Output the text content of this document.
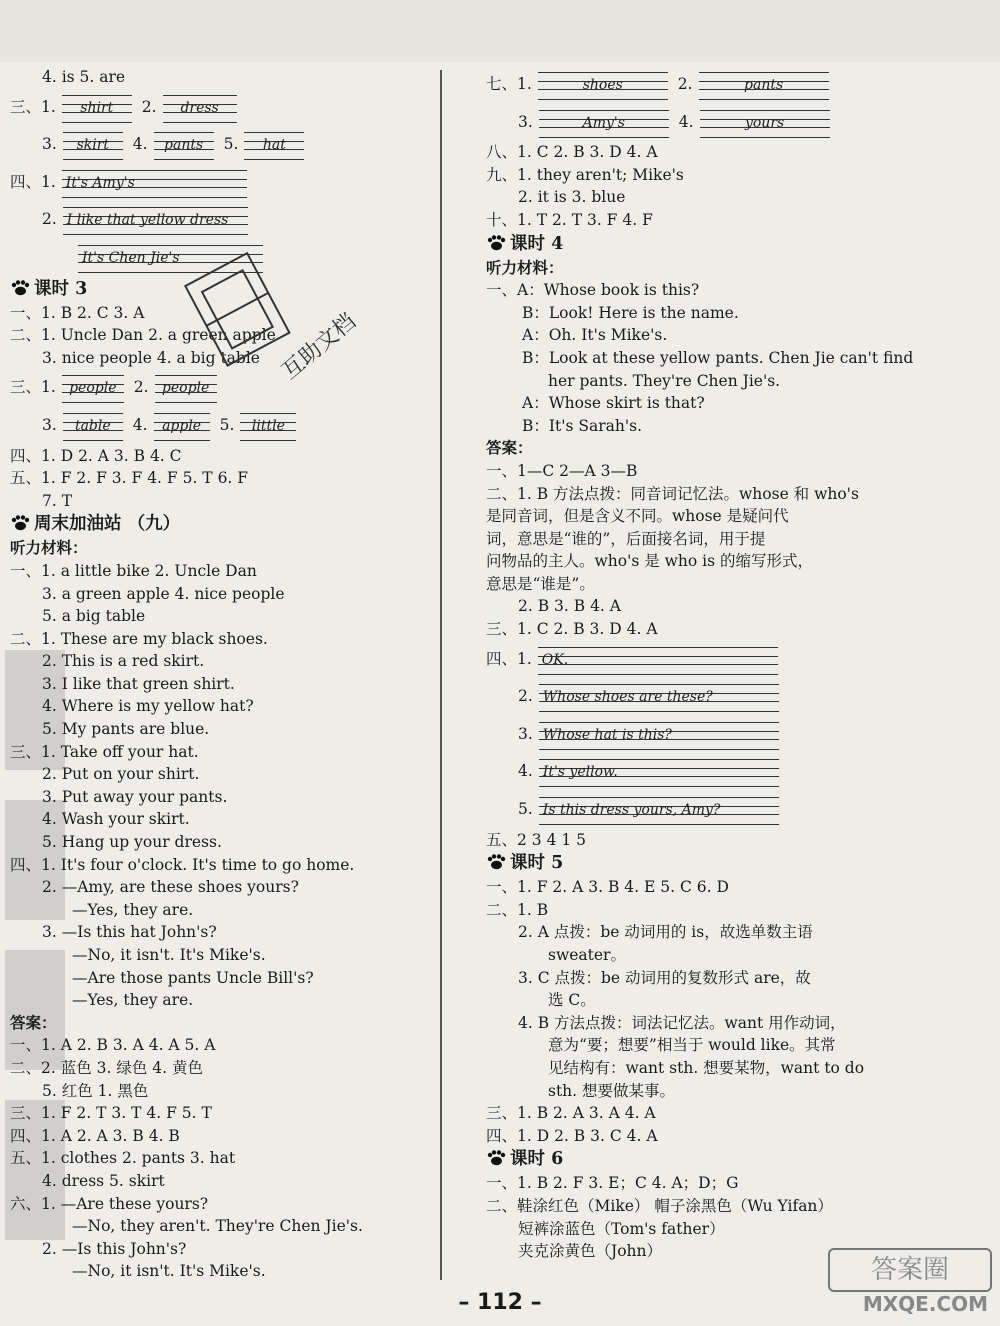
4. is 5. are
三、1.	shirt	2.	dress
3.	skirt	4.	pants	5.	hat
四、1. It's Amy's
2. I like that yellow dress
It's Chen Jie's
课时 3
一、1. B 2. C 3. A
二、1. Uncle Dan 2. a green apple
3. nice people 4. a big table
三、1. people	2. people
3.	table	4.	apple	5.	little
四、1. D 2. A 3. B 4. C
五、1. F 2. F 3. F 4. F 5. T 6. F
7. T
周末加油站 （九）
听力材料：
一、1. a little bike 2. Uncle Dan
3. a green apple 4. nice people
5. a big table
二、1. These are my black shoes.
2. This is a red skirt.
3. I like that green shirt.
4. Where is my yellow hat?
5. My pants are blue.
三、1. Take off your hat.
2. Put on your shirt.
3. Put away your pants.
4. Wash your skirt.
5. Hang up your dress.
四、1. It's four o'clock. It's time to go home.
2. —Amy, are these shoes yours?
—Yes, they are.
3. —Is this hat John's?
—No, it isn't. It's Mike's.
—Are those pants Uncle Bill's?
—Yes, they are.
答案：
一、1. A 2. B 3. A 4. A 5. A
二、2. 蓝色 3. 绿色 4. 黄色
5. 红色 1. 黑色
三、1. F 2. T 3. T 4. F 5. T
四、1. A 2. A 3. B 4. B
五、1. clothes 2. pants 3. hat
4. dress 5. skirt
六、1. —Are these yours?
—No, they aren't. They're Chen Jie's.
2. —Is this John's?
—No, it isn't. It's Mike's.
七、1.	shoes	2.	pants
3.	Amy's	4.	yours
八、1. C 2. B 3. D 4. A
九、1. they aren't; Mike's
2. it is 3. blue
十、1. T 2. T 3. F 4. F
课时 4
听力材料：
一、A：Whose book is this?
B：Look! Here is the name.
A：Oh. It's Mike's.
B：Look at these yellow pants. Chen Jie can't find
her pants. They're Chen Jie's.
A：Whose skirt is that?
B：It's Sarah's.
答案：
一、1—C 2—A 3—B
二、1. B 方法点拨：同音词记忆法。whose 和 who's
是同音词，但是含义不同。whose 是疑问代
词，意思是“谁的”，后面接名词，用于提
问物品的主人。who's 是 who is 的缩写形式，
意思是“谁是”。
2. B 3. B 4. A
三、1. C 2. B 3. D 4. A
四、1. OK.
2. Whose shoes are these?
3. Whose hat is this?
4. It's yellow.
5. Is this dress yours, Amy?
五、2 3 4 1 5
课时 5
一、1. F 2. A 3. B 4. E 5. C 6. D
二、1. B
2. A 点拨：be 动词用的 is，故选单数主语
sweater。
3. C 点拨：be 动词用的复数形式 are，故
选 C。
4. B 方法点拨：词法记忆法。want 用作动词，
意为“要；想要”相当于 would like。其常
见结构有：want sth. 想要某物，want to do
sth. 想要做某事。
三、1. B 2. A 3. A 4. A
四、1. D 2. B 3. C 4. A
课时 6
一、1. B 2. F 3. E；C 4. A；D；G
二、鞋涂红色（Mike） 帽子涂黑色（Wu Yifan）
短裤涂蓝色（Tom's father）
夹克涂黄色（John）
互助文档
– 112 –
答案圈
MXQE.COM
